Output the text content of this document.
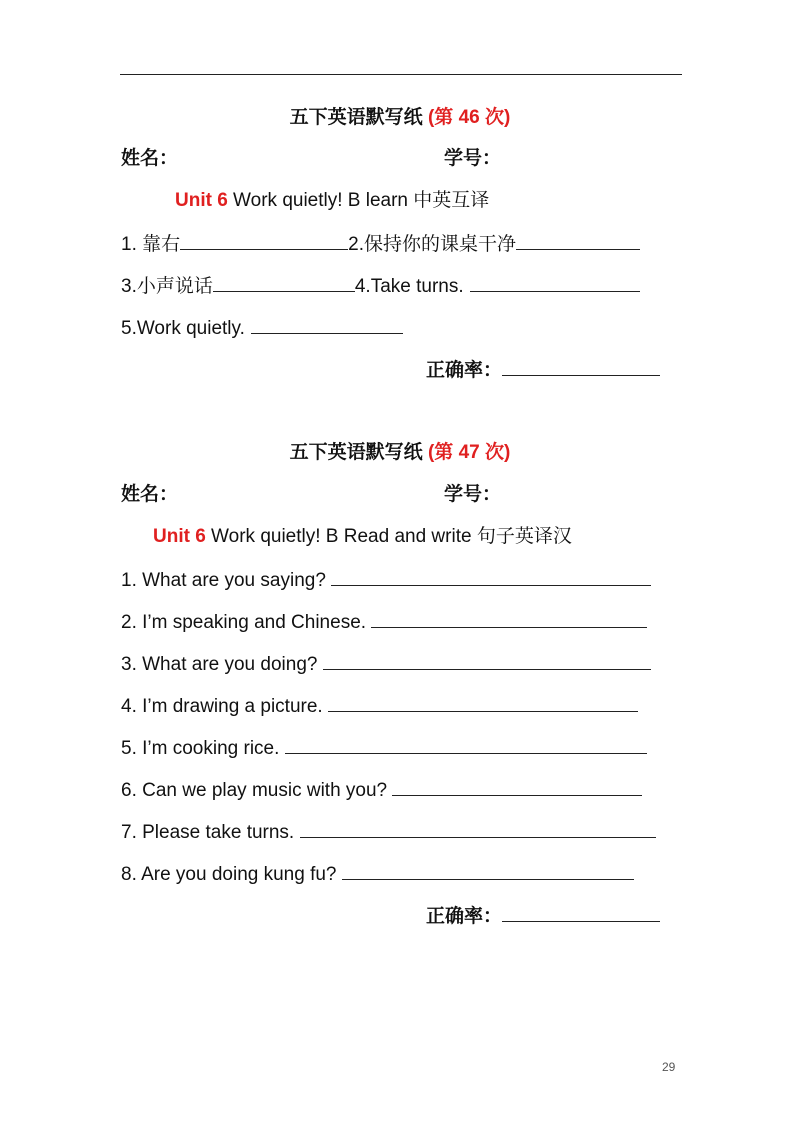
五下英语默写纸 (第 46 次)
姓名：	学号：
Unit 6 Work quietly! B learn 中英互译
1. 靠右	2.保持你的课桌干净
3.小声说话	4.Take turns.
5.Work quietly.
正确率：
五下英语默写纸 (第 47 次)
姓名：	学号：
Unit 6 Work quietly! B Read and write 句子英译汉
1. What are you saying?
2. I’m speaking and Chinese.
3. What are you doing?
4. I’m drawing a picture.
5. I’m cooking rice.
6. Can we play music with you?
7. Please take turns.
8. Are you doing kung fu?
正确率：
29
